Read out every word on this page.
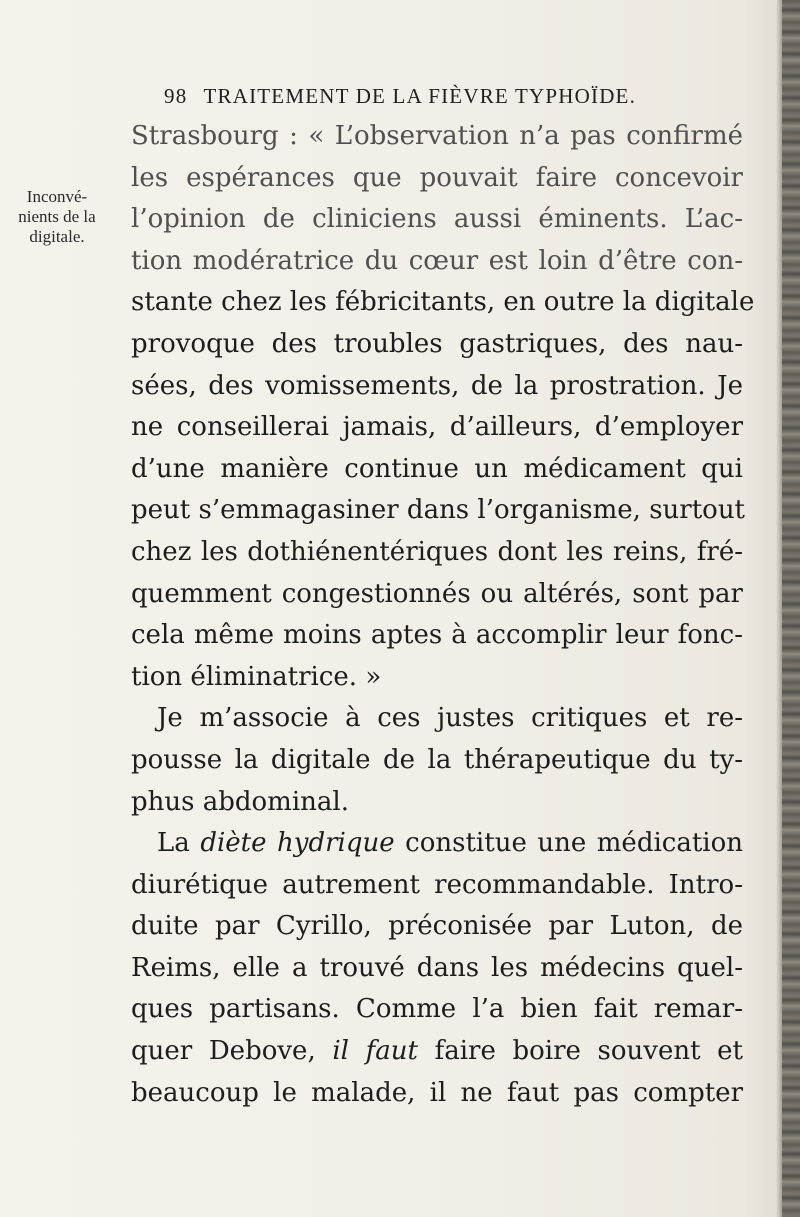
98 TRAITEMENT DE LA FIÈVRE TYPHOÏDE.
Inconvé-
nients de la
digitale.
Strasbourg : « L’observation n’a pas confirmé
les espérances que pouvait faire concevoir
l’opinion de cliniciens aussi éminents. L’ac-
tion modératrice du cœur est loin d’être con-
stante chez les fébricitants, en outre la digitale
provoque des troubles gastriques, des nau-
sées, des vomissements, de la prostration. Je
ne conseillerai jamais, d’ailleurs, d’employer
d’une manière continue un médicament qui
peut s’emmagasiner dans l’organisme, surtout
chez les dothiénentériques dont les reins, fré-
quemment congestionnés ou altérés, sont par
cela même moins aptes à accomplir leur fonc-
tion éliminatrice. »
Je m’associe à ces justes critiques et re-
pousse la digitale de la thérapeutique du ty-
phus abdominal.
La diète hydrique constitue une médication
diurétique autrement recommandable. Intro-
duite par Cyrillo, préconisée par Luton, de
Reims, elle a trouvé dans les médecins quel-
ques partisans. Comme l’a bien fait remar-
quer Debove, il faut faire boire souvent et
beaucoup le malade, il ne faut pas compter
